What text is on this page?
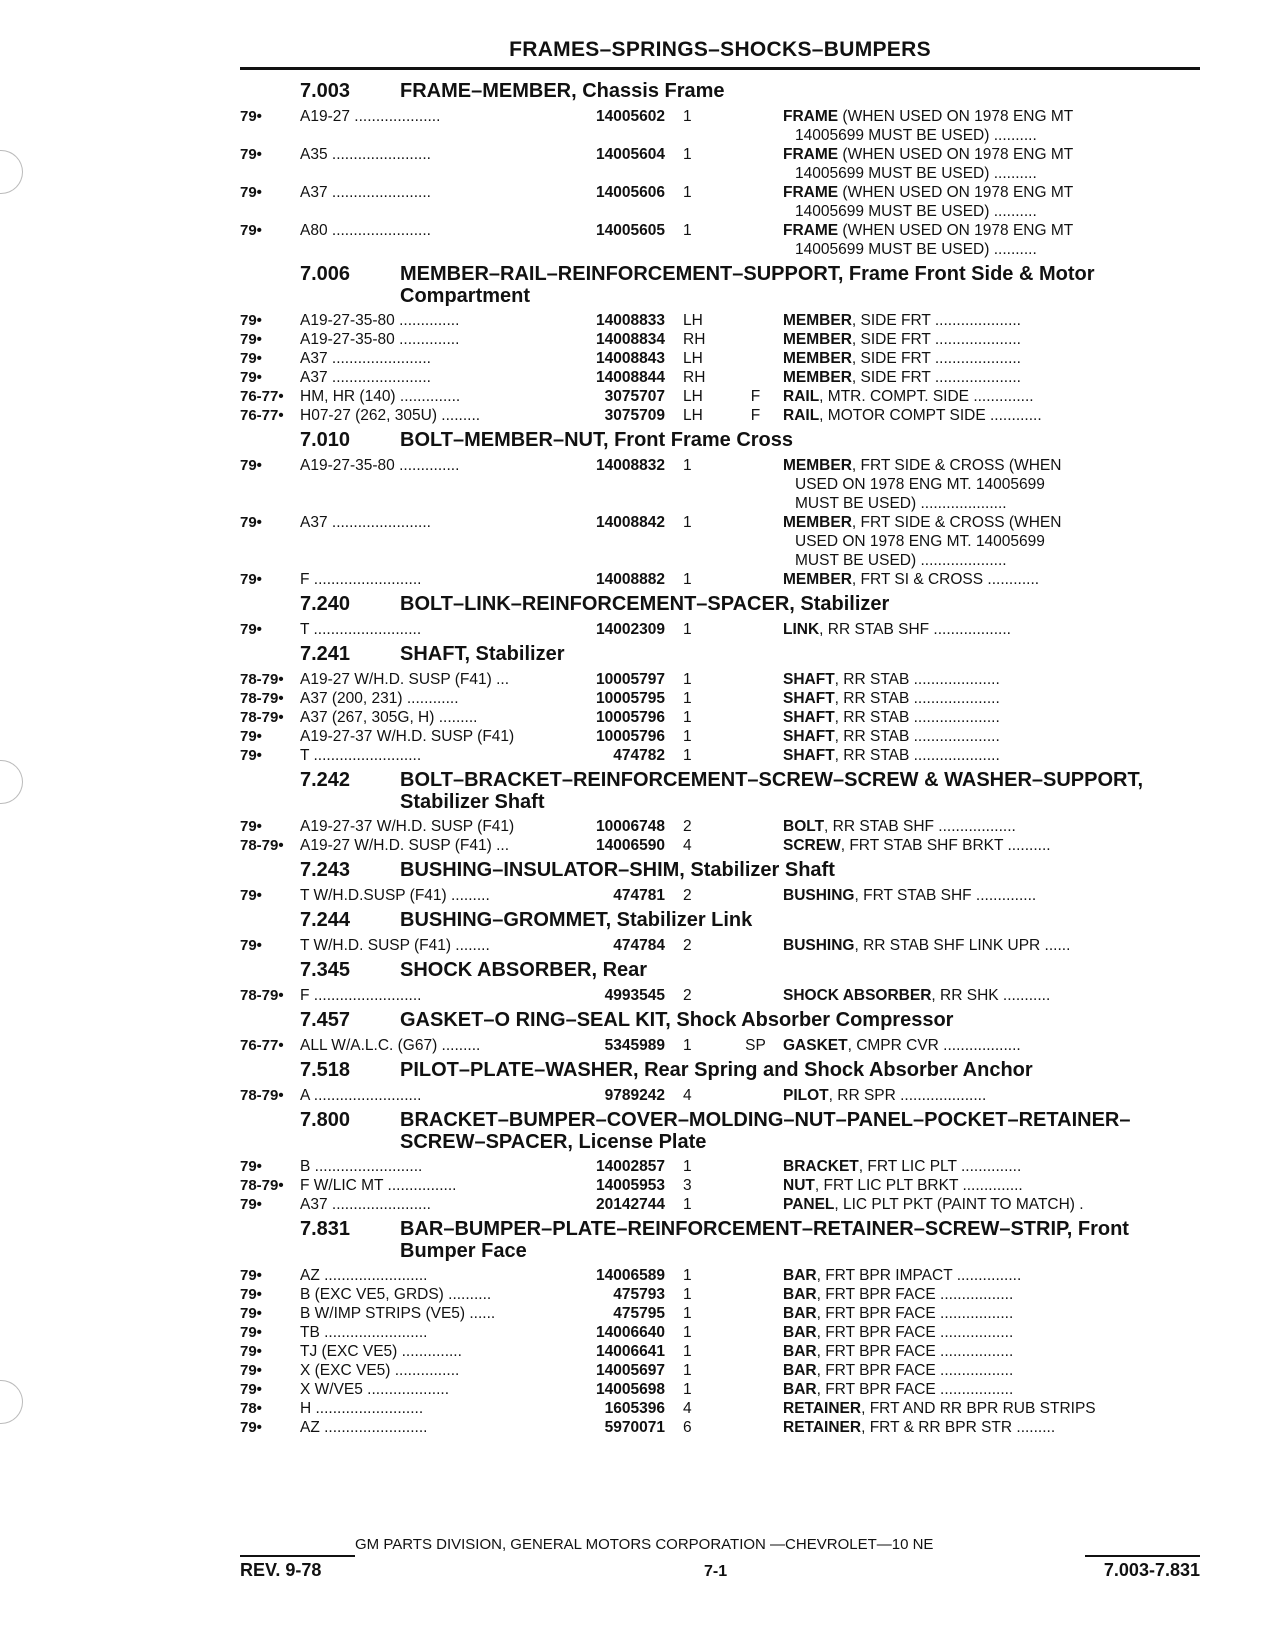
FRAMES–SPRINGS–SHOCKS–BUMPERS
7.003	FRAME–MEMBER, Chassis Frame
79•	A19-27 ....................	14005602	1	FRAME (WHEN USED ON 1978 ENG MT
14005699 MUST BE USED) ..........
79•	A35 .......................	14005604	1	FRAME (WHEN USED ON 1978 ENG MT
14005699 MUST BE USED) ..........
79•	A37 .......................	14005606	1	FRAME (WHEN USED ON 1978 ENG MT
14005699 MUST BE USED) ..........
79•	A80 .......................	14005605	1	FRAME (WHEN USED ON 1978 ENG MT
14005699 MUST BE USED) ..........
7.006	MEMBER–RAIL–REINFORCEMENT–SUPPORT, Frame Front Side & Motor Compartment
79•	A19-27-35-80 ..............	14008833	LH	MEMBER, SIDE FRT ....................
79•	A19-27-35-80 ..............	14008834	RH	MEMBER, SIDE FRT ....................
79•	A37 .......................	14008843	LH	MEMBER, SIDE FRT ....................
79•	A37 .......................	14008844	RH	MEMBER, SIDE FRT ....................
76-77•	HM, HR (140) ..............	3075707	LH	F	RAIL, MTR. COMPT. SIDE ..............
76-77•	H07-27 (262, 305U) .........	3075709	LH	F	RAIL, MOTOR COMPT SIDE ............
7.010	BOLT–MEMBER–NUT, Front Frame Cross
79•	A19-27-35-80 ..............	14008832	1	MEMBER, FRT SIDE & CROSS (WHEN
USED ON 1978 ENG MT. 14005699
MUST BE USED) ....................
79•	A37 .......................	14008842	1	MEMBER, FRT SIDE & CROSS (WHEN
USED ON 1978 ENG MT. 14005699
MUST BE USED) ....................
79•	F .........................	14008882	1	MEMBER, FRT SI & CROSS ............
7.240	BOLT–LINK–REINFORCEMENT–SPACER, Stabilizer
79•	T .........................	14002309	1	LINK, RR STAB SHF ..................
7.241	SHAFT, Stabilizer
78-79•	A19-27 W/H.D. SUSP (F41) ...	10005797	1	SHAFT, RR STAB ....................
78-79•	A37 (200, 231) ............	10005795	1	SHAFT, RR STAB ....................
78-79•	A37 (267, 305G, H) .........	10005796	1	SHAFT, RR STAB ....................
79•	A19-27-37 W/H.D. SUSP (F41)	10005796	1	SHAFT, RR STAB ....................
79•	T .........................	474782	1	SHAFT, RR STAB ....................
7.242	BOLT–BRACKET–REINFORCEMENT–SCREW–SCREW & WASHER–SUPPORT, Stabilizer Shaft
79•	A19-27-37 W/H.D. SUSP (F41)	10006748	2	BOLT, RR STAB SHF ..................
78-79•	A19-27 W/H.D. SUSP (F41) ...	14006590	4	SCREW, FRT STAB SHF BRKT ..........
7.243	BUSHING–INSULATOR–SHIM, Stabilizer Shaft
79•	T W/H.D.SUSP (F41) .........	474781	2	BUSHING, FRT STAB SHF ..............
7.244	BUSHING–GROMMET, Stabilizer Link
79•	T W/H.D. SUSP (F41) ........	474784	2	BUSHING, RR STAB SHF LINK UPR ......
7.345	SHOCK ABSORBER, Rear
78-79•	F .........................	4993545	2	SHOCK ABSORBER, RR SHK ...........
7.457	GASKET–O RING–SEAL KIT, Shock Absorber Compressor
76-77•	ALL W/A.L.C. (G67) .........	5345989	1	SP	GASKET, CMPR CVR ..................
7.518	PILOT–PLATE–WASHER, Rear Spring and Shock Absorber Anchor
78-79•	A .........................	9789242	4	PILOT, RR SPR ....................
7.800	BRACKET–BUMPER–COVER–MOLDING–NUT–PANEL–POCKET–RETAINER–SCREW–SPACER, License Plate
79•	B .........................	14002857	1	BRACKET, FRT LIC PLT ..............
78-79•	F W/LIC MT ................	14005953	3	NUT, FRT LIC PLT BRKT ..............
79•	A37 .......................	20142744	1	PANEL, LIC PLT PKT (PAINT TO MATCH) .
7.831	BAR–BUMPER–PLATE–REINFORCEMENT–RETAINER–SCREW–STRIP, Front Bumper Face
79•	AZ ........................	14006589	1	BAR, FRT BPR IMPACT ...............
79•	B (EXC VE5, GRDS) ..........	475793	1	BAR, FRT BPR FACE .................
79•	B W/IMP STRIPS (VE5) ......	475795	1	BAR, FRT BPR FACE .................
79•	TB ........................	14006640	1	BAR, FRT BPR FACE .................
79•	TJ (EXC VE5) ..............	14006641	1	BAR, FRT BPR FACE .................
79•	X (EXC VE5) ...............	14005697	1	BAR, FRT BPR FACE .................
79•	X W/VE5 ...................	14005698	1	BAR, FRT BPR FACE .................
78•	H .........................	1605396	4	RETAINER, FRT AND RR BPR RUB STRIPS
79•	AZ ........................	5970071	6	RETAINER, FRT & RR BPR STR .........
GM PARTS DIVISION, GENERAL MOTORS CORPORATION —CHEVROLET—10 NE
REV. 9-78	7-1	7.003-7.831
